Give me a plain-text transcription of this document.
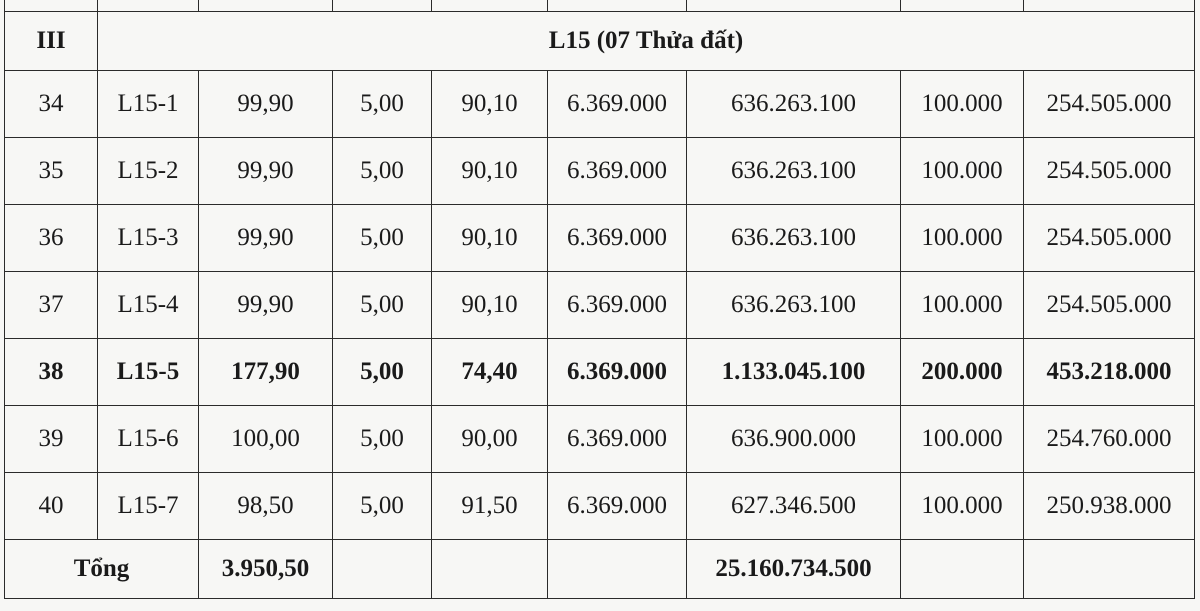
III	L15 (07 Thửa đất)							
34	L15-1	99,90	5,00	90,10	6.369.000	636.263.100	100.000	254.505.000
35	L15-2	99,90	5,00	90,10	6.369.000	636.263.100	100.000	254.505.000
36	L15-3	99,90	5,00	90,10	6.369.000	636.263.100	100.000	254.505.000
37	L15-4	99,90	5,00	90,10	6.369.000	636.263.100	100.000	254.505.000
38	L15-5	177,90	5,00	74,40	6.369.000	1.133.045.100	200.000	453.218.000
39	L15-6	100,00	5,00	90,00	6.369.000	636.900.000	100.000	254.760.000
40	L15-7	98,50	5,00	91,50	6.369.000	627.346.500	100.000	250.938.000
Tổng		3.950,50				25.160.734.500		
